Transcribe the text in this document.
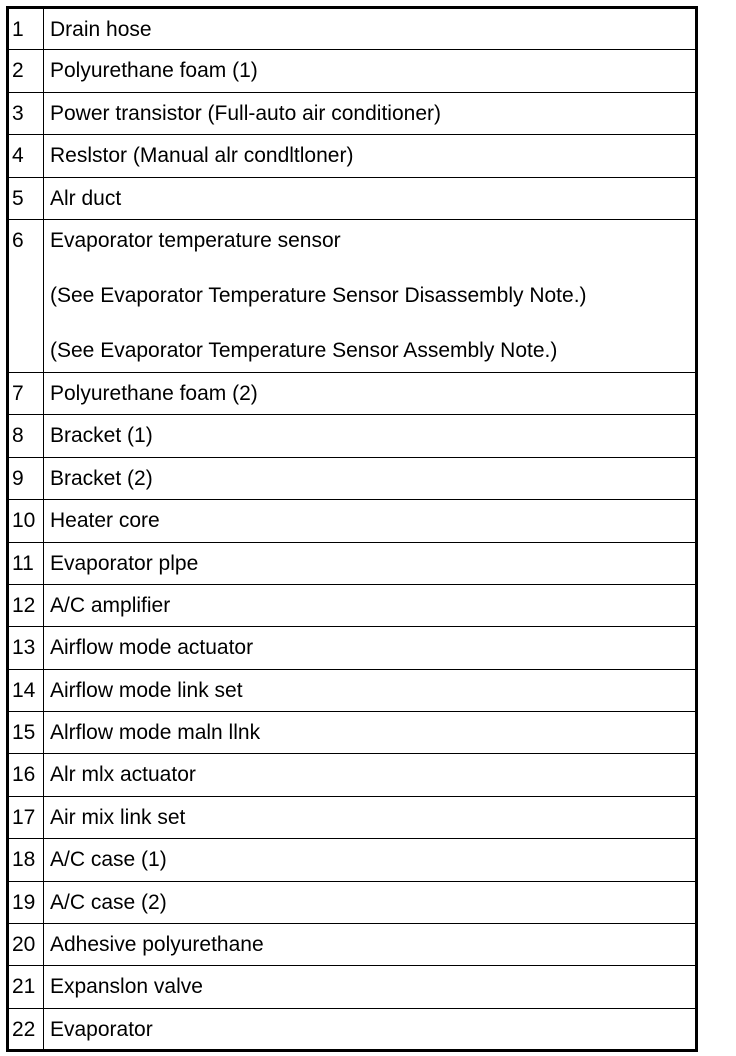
1	Drain hose

2	Polyurethane foam (1)

3	Power transistor (Full-auto air conditioner)

4	Reslstor (Manual alr condltloner)

5	Alr duct

6	Evaporator temperature sensor
(See Evaporator Temperature Sensor Disassembly Note.)
(See Evaporator Temperature Sensor Assembly Note.)

7	Polyurethane foam (2)

8	Bracket (1)

9	Bracket (2)

10	Heater core

11	Evaporator plpe

12	A/C amplifier

13	Airflow mode actuator

14	Airflow mode link set

15	Alrflow mode maln llnk

16	Alr mlx actuator

17	Air mix link set

18	A/C case (1)

19	A/C case (2)

20	Adhesive polyurethane

21	Expanslon valve

22	Evaporator
